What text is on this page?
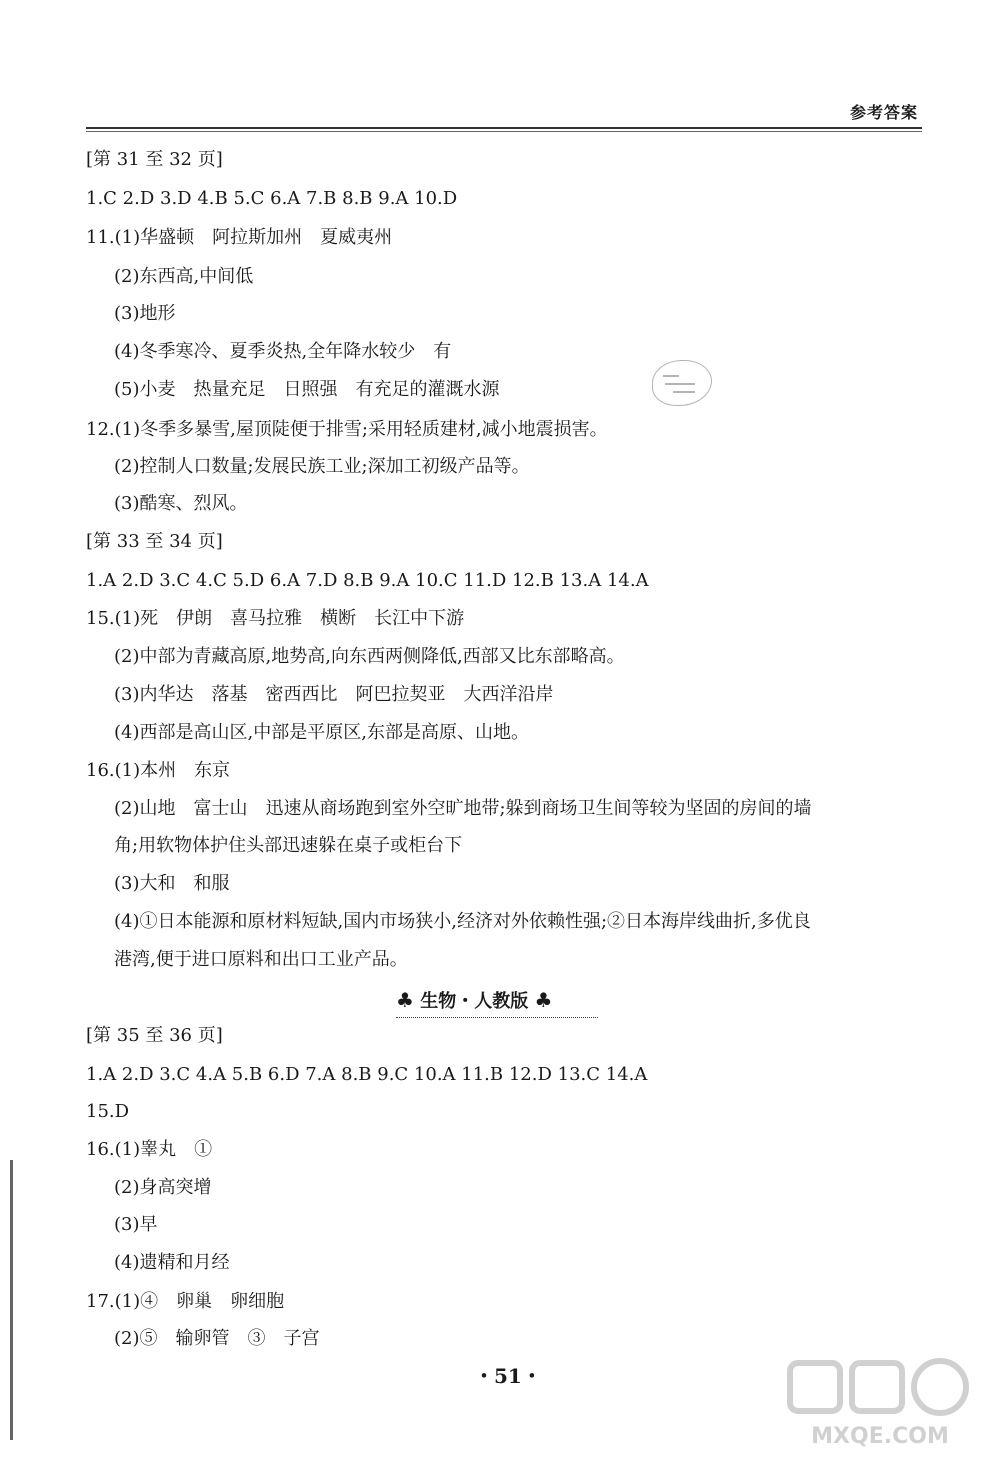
参考答案
[第 31 至 32 页]
1.C 2.D 3.D 4.B 5.C 6.A 7.B 8.B 9.A 10.D
11.(1)华盛顿　阿拉斯加州　夏威夷州
(2)东西高,中间低
(3)地形
(4)冬季寒冷、夏季炎热,全年降水较少　有
(5)小麦　热量充足　日照强　有充足的灌溉水源
12.(1)冬季多暴雪,屋顶陡便于排雪;采用轻质建材,减小地震损害。
(2)控制人口数量;发展民族工业;深加工初级产品等。
(3)酷寒、烈风。
[第 33 至 34 页]
1.A 2.D 3.C 4.C 5.D 6.A 7.D 8.B 9.A 10.C 11.D 12.B 13.A 14.A
15.(1)死　伊朗　喜马拉雅　横断　长江中下游
(2)中部为青藏高原,地势高,向东西两侧降低,西部又比东部略高。
(3)内华达　落基　密西西比　阿巴拉契亚　大西洋沿岸
(4)西部是高山区,中部是平原区,东部是高原、山地。
16.(1)本州　东京
(2)山地　富士山　迅速从商场跑到室外空旷地带;躲到商场卫生间等较为坚固的房间的墙
角;用软物体护住头部迅速躲在桌子或柜台下
(3)大和　和服
(4)①日本能源和原材料短缺,国内市场狭小,经济对外依赖性强;②日本海岸线曲折,多优良
港湾,便于进口原料和出口工业产品。
♣ 生物・人教版 ♣
[第 35 至 36 页]
1.A 2.D 3.C 4.A 5.B 6.D 7.A 8.B 9.C 10.A 11.B 12.D 13.C 14.A
15.D
16.(1)睾丸　①
(2)身高突增
(3)早
(4)遗精和月经
17.(1)④　卵巢　卵细胞
(2)⑤　输卵管　③　子宫
・51・
MXQE.COM
